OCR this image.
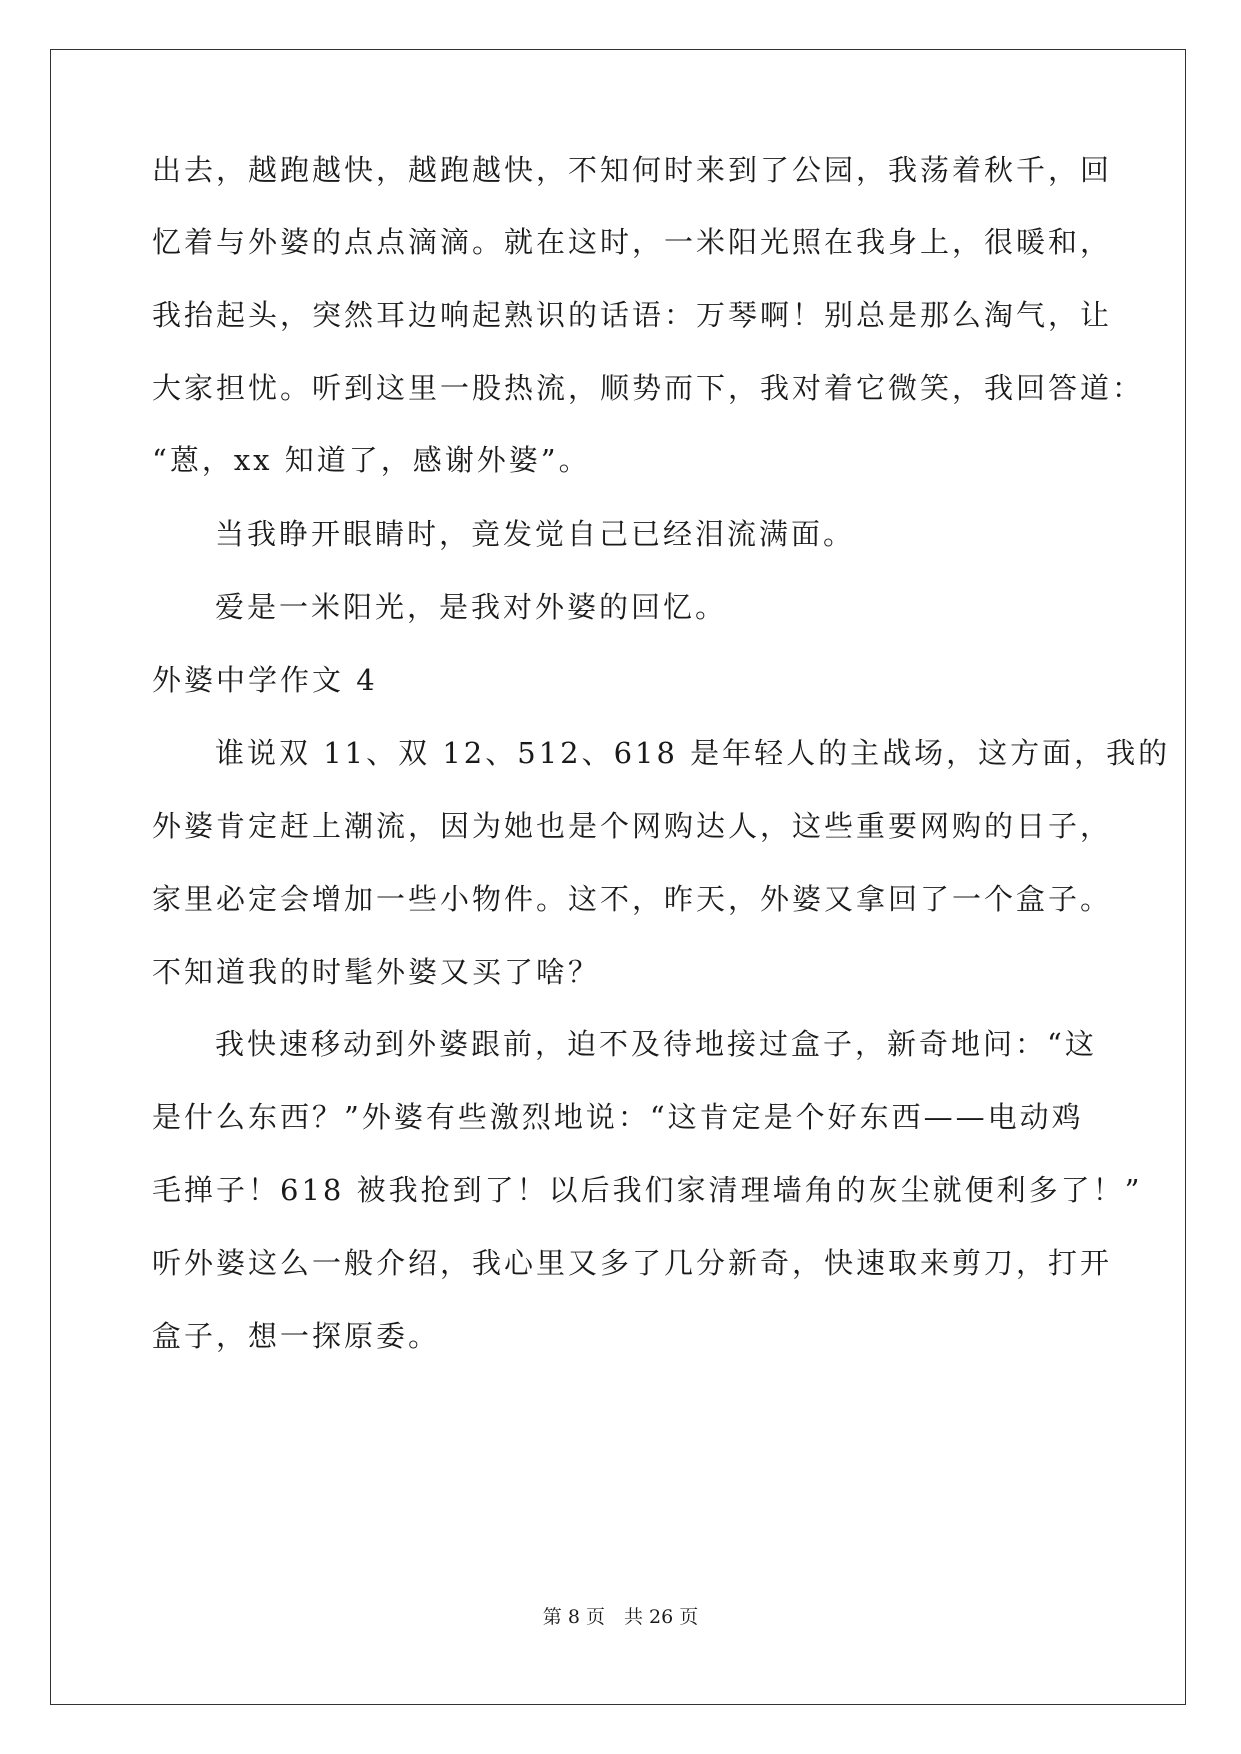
出去，越跑越快，越跑越快，不知何时来到了公园，我荡着秋千，回
忆着与外婆的点点滴滴。就在这时，一米阳光照在我身上，很暖和，
我抬起头，突然耳边响起熟识的话语：万琴啊！别总是那么淘气，让
大家担忧。听到这里一股热流，顺势而下，我对着它微笑，我回答道：
“蒽，xx 知道了，感谢外婆”。
当我睁开眼睛时，竟发觉自己已经泪流满面。
爱是一米阳光，是我对外婆的回忆。
外婆中学作文 4
谁说双 11、双 12、512、618 是年轻人的主战场，这方面，我的
外婆肯定赶上潮流，因为她也是个网购达人，这些重要网购的日子，
家里必定会增加一些小物件。这不，昨天，外婆又拿回了一个盒子。
不知道我的时髦外婆又买了啥？
我快速移动到外婆跟前，迫不及待地接过盒子，新奇地问：“这
是什么东西？”外婆有些激烈地说：“这肯定是个好东西——电动鸡
毛掸子！618 被我抢到了！以后我们家清理墙角的灰尘就便利多了！”
听外婆这么一般介绍，我心里又多了几分新奇，快速取来剪刀，打开
盒子，想一探原委。
第 8 页　共 26 页
